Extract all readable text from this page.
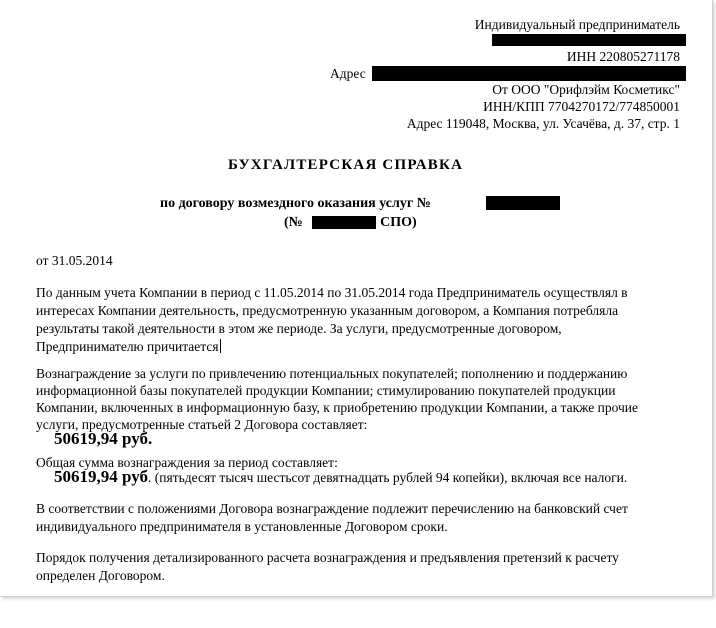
Индивидуальный предприниматель
ИНН 220805271178
Адрес
От ООО "Орифлэйм Косметикс"
ИНН/КПП 7704270172/774850001
Адрес 119048, Москва, ул. Усачёва, д. 37, стр. 1
БУХГАЛТЕРСКАЯ СПРАВКА
по договору возмездного оказания услуг №
(№	- СПО)
от 31.05.2014
По данным учета Компании в период с 11.05.2014 по 31.05.2014 года Предприниматель осуществлял в
интересах Компании деятельность, предусмотренную указанным договором, а Компания потребляла
результаты такой деятельности в этом же периоде. За услуги, предусмотренные договором,
Предпринимателю причитается
Вознаграждение за услуги по привлечению потенциальных покупателей; пополнению и поддержанию
информационной базы покупателей продукции Компании; стимулированию покупателей продукции
Компании, включенных в информационную базу, к приобретению продукции Компании, а также прочие
услуги, предусмотренные статьей 2 Договора составляет:
50619,94 руб.
Общая сумма вознаграждения за период составляет:
50619,94 руб. (пятьдесят тысяч шестьсот девятнадцать рублей 94 копейки), включая все налоги.
В соответствии с положениями Договора вознаграждение подлежит перечислению на банковский счет
индивидуального предпринимателя в установленные Договором сроки.
Порядок получения детализированного расчета вознаграждения и предъявления претензий к расчету
определен Договором.
